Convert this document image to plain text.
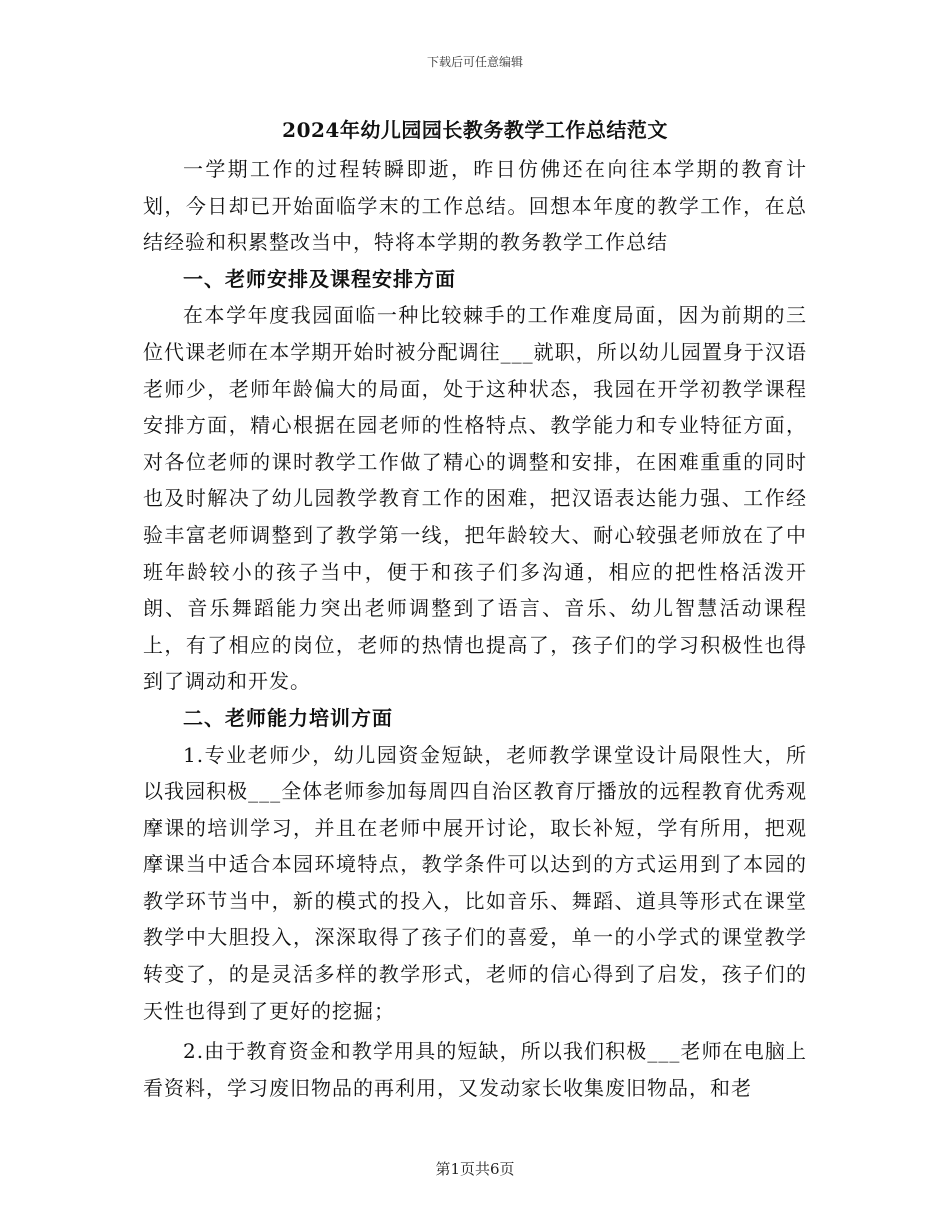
下载后可任意编辑
2024年幼儿园园长教务教学工作总结范文

一学期工作的过程转瞬即逝，昨日仿佛还在向往本学期的教育计划，今日却已开始面临学末的工作总结。回想本年度的教学工作，在总结经验和积累整改当中，特将本学期的教务教学工作总结

一、老师安排及课程安排方面

在本学年度我园面临一种比较棘手的工作难度局面，因为前期的三位代课老师在本学期开始时被分配调往___就职，所以幼儿园置身于汉语老师少，老师年龄偏大的局面，处于这种状态，我园在开学初教学课程安排方面，精心根据在园老师的性格特点、教学能力和专业特征方面，对各位老师的课时教学工作做了精心的调整和安排，在困难重重的同时也及时解决了幼儿园教学教育工作的困难，把汉语表达能力强、工作经验丰富老师调整到了教学第一线，把年龄较大、耐心较强老师放在了中班年龄较小的孩子当中，便于和孩子们多沟通，相应的把性格活泼开朗、音乐舞蹈能力突出老师调整到了语言、音乐、幼儿智慧活动课程上，有了相应的岗位，老师的热情也提高了，孩子们的学习积极性也得到了调动和开发。

二、老师能力培训方面

1.专业老师少，幼儿园资金短缺，老师教学课堂设计局限性大，所以我园积极___全体老师参加每周四自治区教育厅播放的远程教育优秀观摩课的培训学习，并且在老师中展开讨论，取长补短，学有所用，把观摩课当中适合本园环境特点，教学条件可以达到的方式运用到了本园的教学环节当中，新的模式的投入，比如音乐、舞蹈、道具等形式在课堂教学中大胆投入，深深取得了孩子们的喜爱，单一的小学式的课堂教学转变了，的是灵活多样的教学形式，老师的信心得到了启发，孩子们的天性也得到了更好的挖掘；

2.由于教育资金和教学用具的短缺，所以我们积极___老师在电脑上看资料，学习废旧物品的再利用，又发动家长收集废旧物品，和老

第1页共6页
